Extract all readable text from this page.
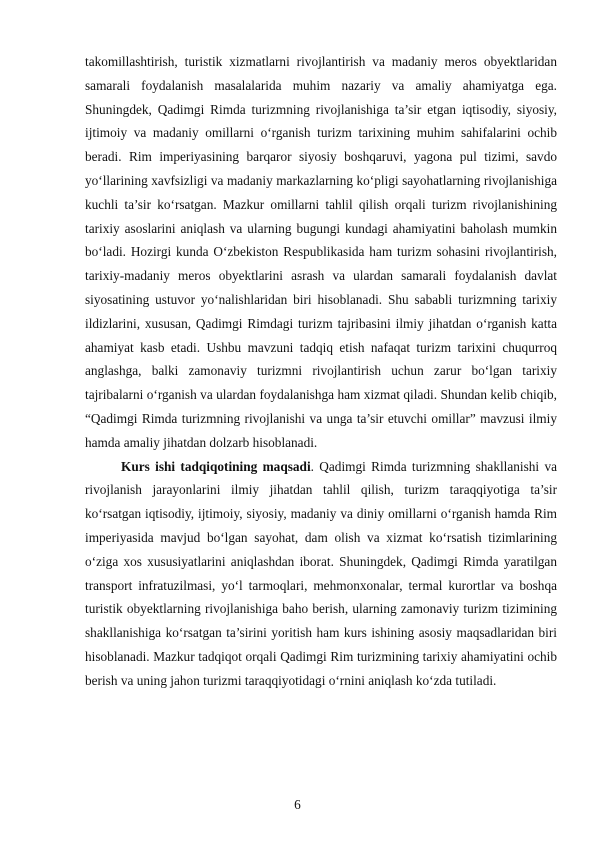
takomillashtirish, turistik xizmatlarni rivojlantirish va madaniy meros obyektlaridan samarali foydalanish masalalarida muhim nazariy va amaliy ahamiyatga ega. Shuningdek, Qadimgi Rimda turizmning rivojlanishiga ta’sir etgan iqtisodiy, siyosiy, ijtimoiy va madaniy omillarni o‘rganish turizm tarixining muhim sahifalarini ochib beradi. Rim imperiyasining barqaror siyosiy boshqaruvi, yagona pul tizimi, savdo yo‘llarining xavfsizligi va madaniy markazlarning ko‘pligi sayohatlarning rivojlanishiga kuchli ta’sir ko‘rsatgan. Mazkur omillarni tahlil qilish orqali turizm rivojlanishining tarixiy asoslarini aniqlash va ularning bugungi kundagi ahamiyatini baholash mumkin bo‘ladi. Hozirgi kunda O‘zbekiston Respublikasida ham turizm sohasini rivojlantirish, tarixiy-madaniy meros obyektlarini asrash va ulardan samarali foydalanish davlat siyosatining ustuvor yo‘nalishlaridan biri hisoblanadi. Shu sababli turizmning tarixiy ildizlarini, xususan, Qadimgi Rimdagi turizm tajribasini ilmiy jihatdan o‘rganish katta ahamiyat kasb etadi. Ushbu mavzuni tadqiq etish nafaqat turizm tarixini chuqurroq anglashga, balki zamonaviy turizmni rivojlantirish uchun zarur bo‘lgan tarixiy tajribalarni o‘rganish va ulardan foydalanishga ham xizmat qiladi. Shundan kelib chiqib, “Qadimgi Rimda turizmning rivojlanishi va unga ta’sir etuvchi omillar” mavzusi ilmiy hamda amaliy jihatdan dolzarb hisoblanadi.

Kurs ishi tadqiqotining maqsadi. Qadimgi Rimda turizmning shakllanishi va rivojlanish jarayonlarini ilmiy jihatdan tahlil qilish, turizm taraqqiyotiga ta’sir ko‘rsatgan iqtisodiy, ijtimoiy, siyosiy, madaniy va diniy omillarni o‘rganish hamda Rim imperiyasida mavjud bo‘lgan sayohat, dam olish va xizmat ko‘rsatish tizimlarining o‘ziga xos xususiyatlarini aniqlashdan iborat. Shuningdek, Qadimgi Rimda yaratilgan transport infratuzilmasi, yo‘l tarmoqlari, mehmonxonalar, termal kurortlar va boshqa turistik obyektlarning rivojlanishiga baho berish, ularning zamonaviy turizm tizimining shakllanishiga ko‘rsatgan ta’sirini yoritish ham kurs ishining asosiy maqsadlaridan biri hisoblanadi. Mazkur tadqiqot orqali Qadimgi Rim turizmining tarixiy ahamiyatini ochib berish va uning jahon turizmi taraqqiyotidagi o‘rnini aniqlash ko‘zda tutiladi.

6
